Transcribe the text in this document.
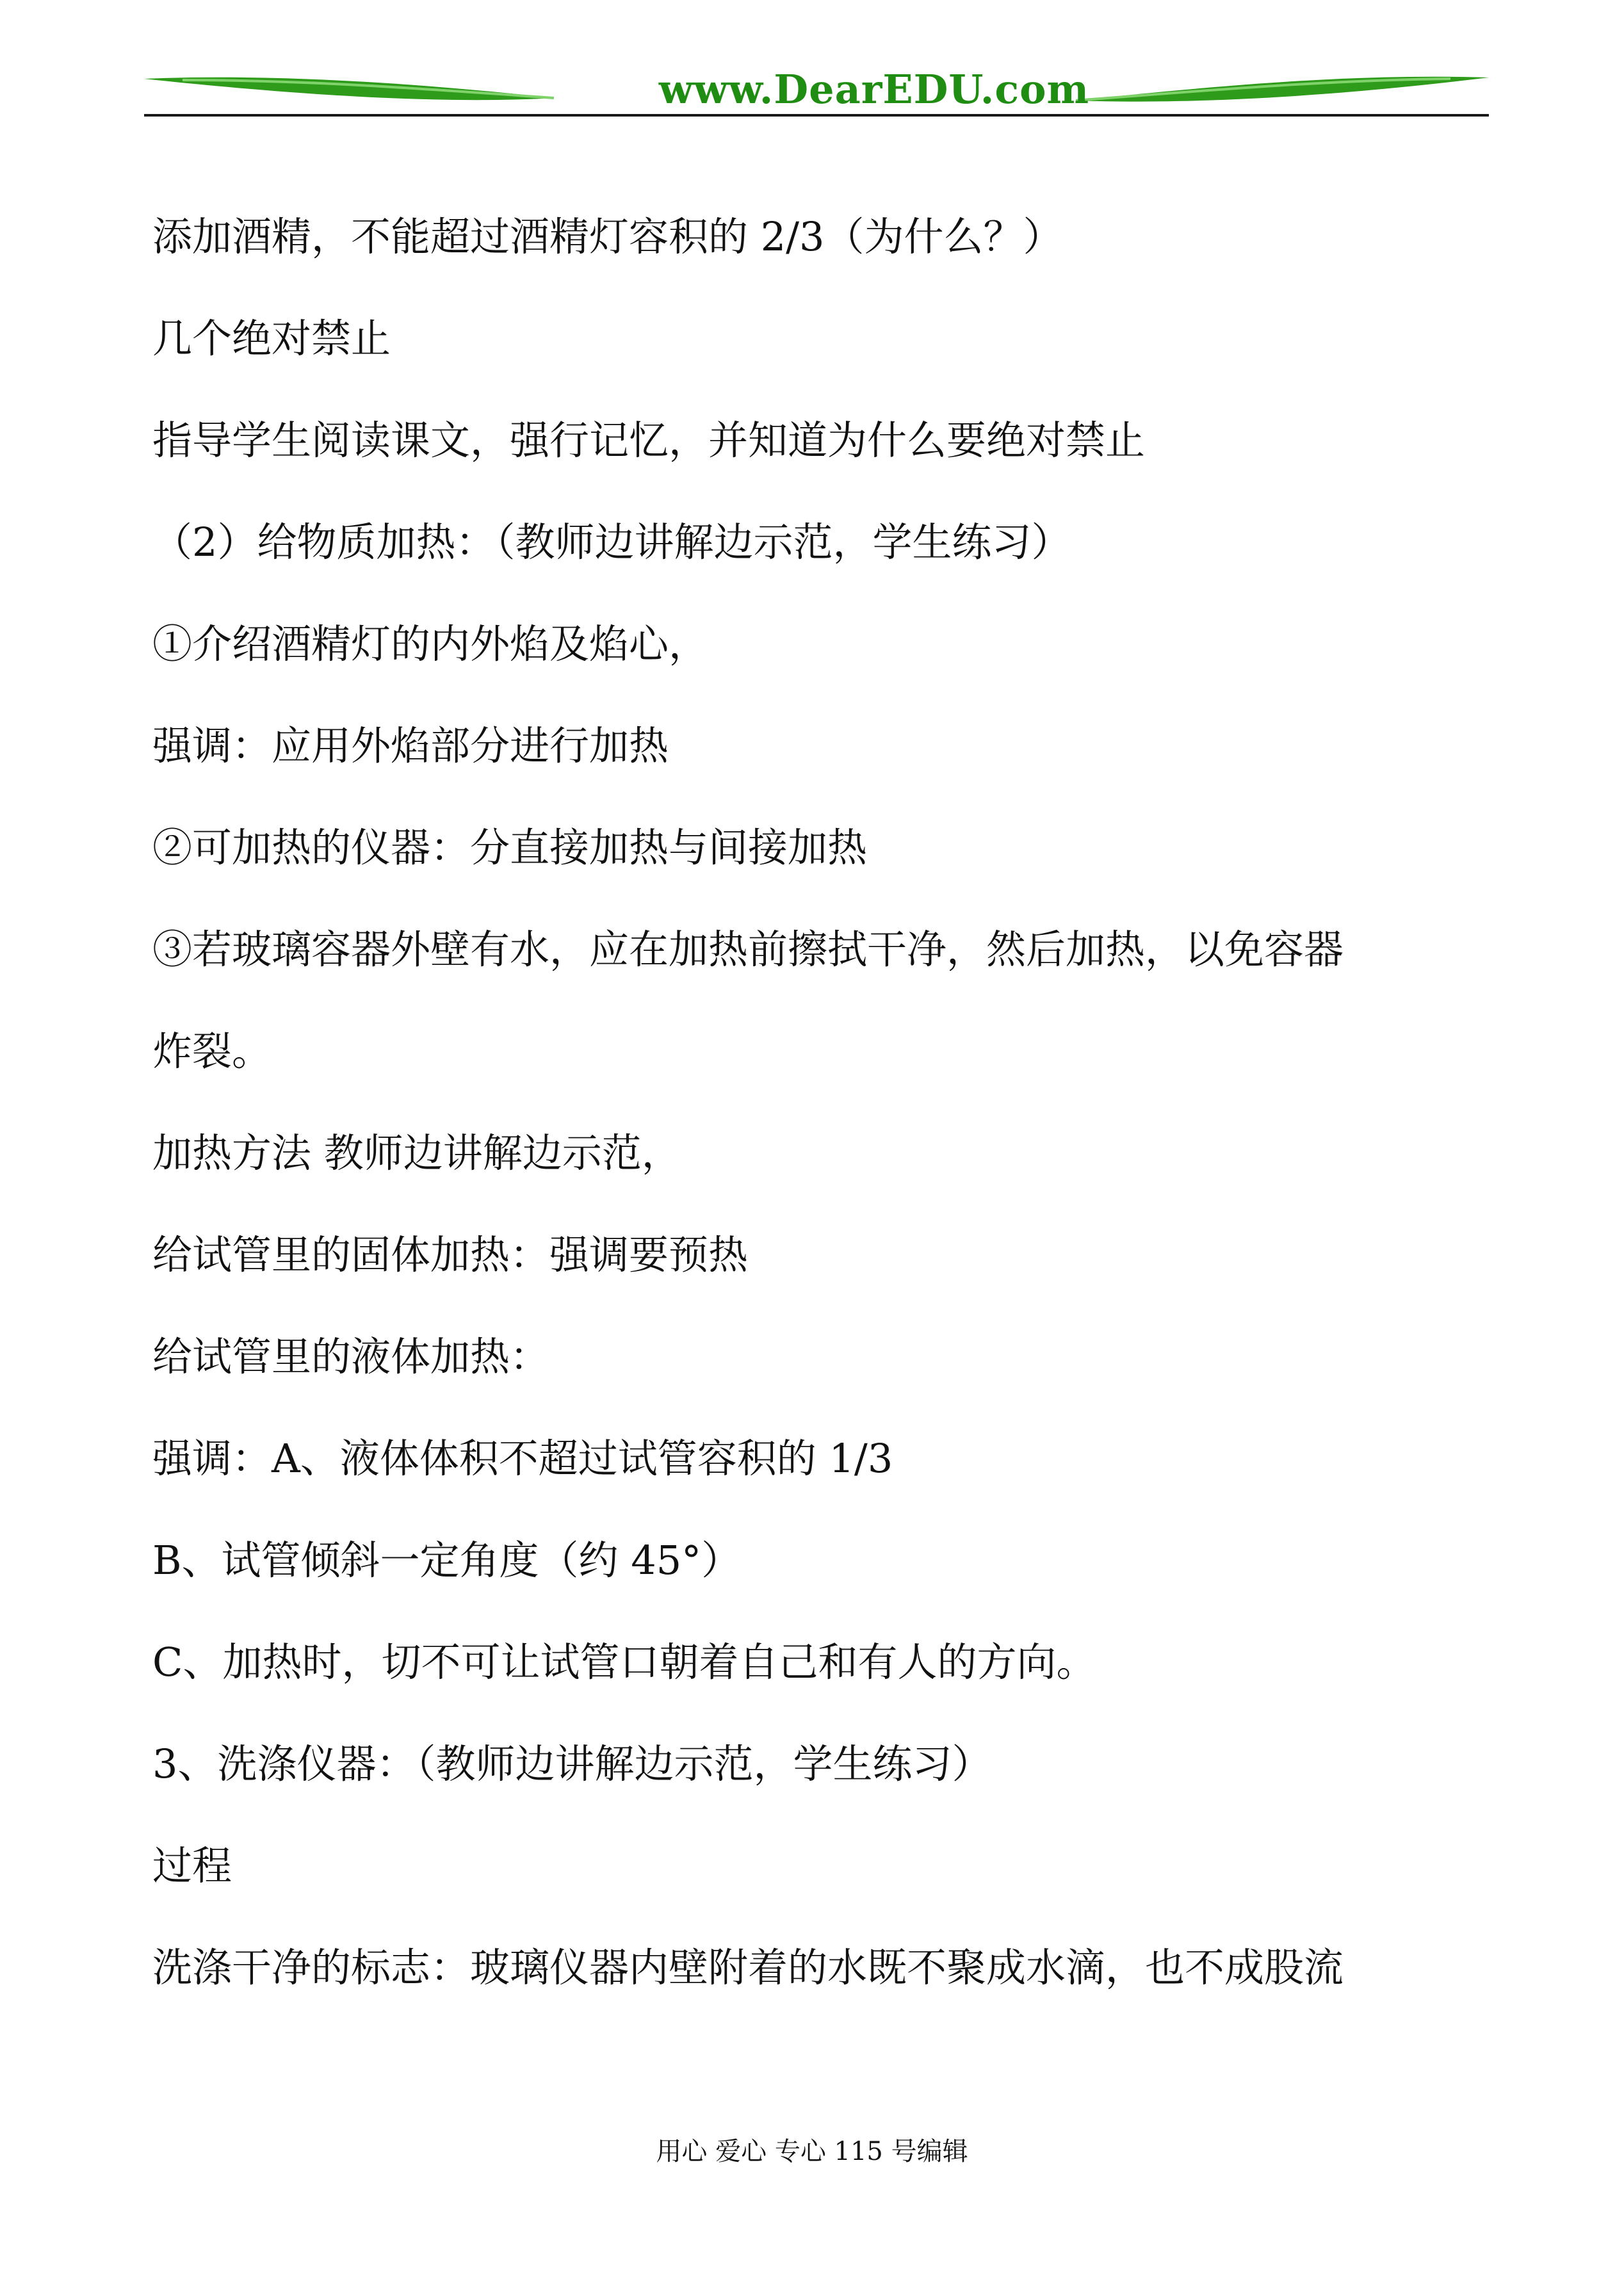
www.DearEDU.com
添加酒精，不能超过酒精灯容积的 2/3（为什么？）
几个绝对禁止
指导学生阅读课文，强行记忆，并知道为什么要绝对禁止
（2）给物质加热：（教师边讲解边示范，学生练习）
①介绍酒精灯的内外焰及焰心，
强调：应用外焰部分进行加热
②可加热的仪器：分直接加热与间接加热
③若玻璃容器外壁有水，应在加热前擦拭干净，然后加热，以免容器
炸裂。
加热方法 教师边讲解边示范，
给试管里的固体加热：强调要预热
给试管里的液体加热：
强调：A、液体体积不超过试管容积的 1/3
B、试管倾斜一定角度（约 45°）
C、加热时，切不可让试管口朝着自己和有人的方向。
3、洗涤仪器：（教师边讲解边示范，学生练习）
过程
洗涤干净的标志：玻璃仪器内壁附着的水既不聚成水滴，也不成股流
用心 爱心 专心 115 号编辑
